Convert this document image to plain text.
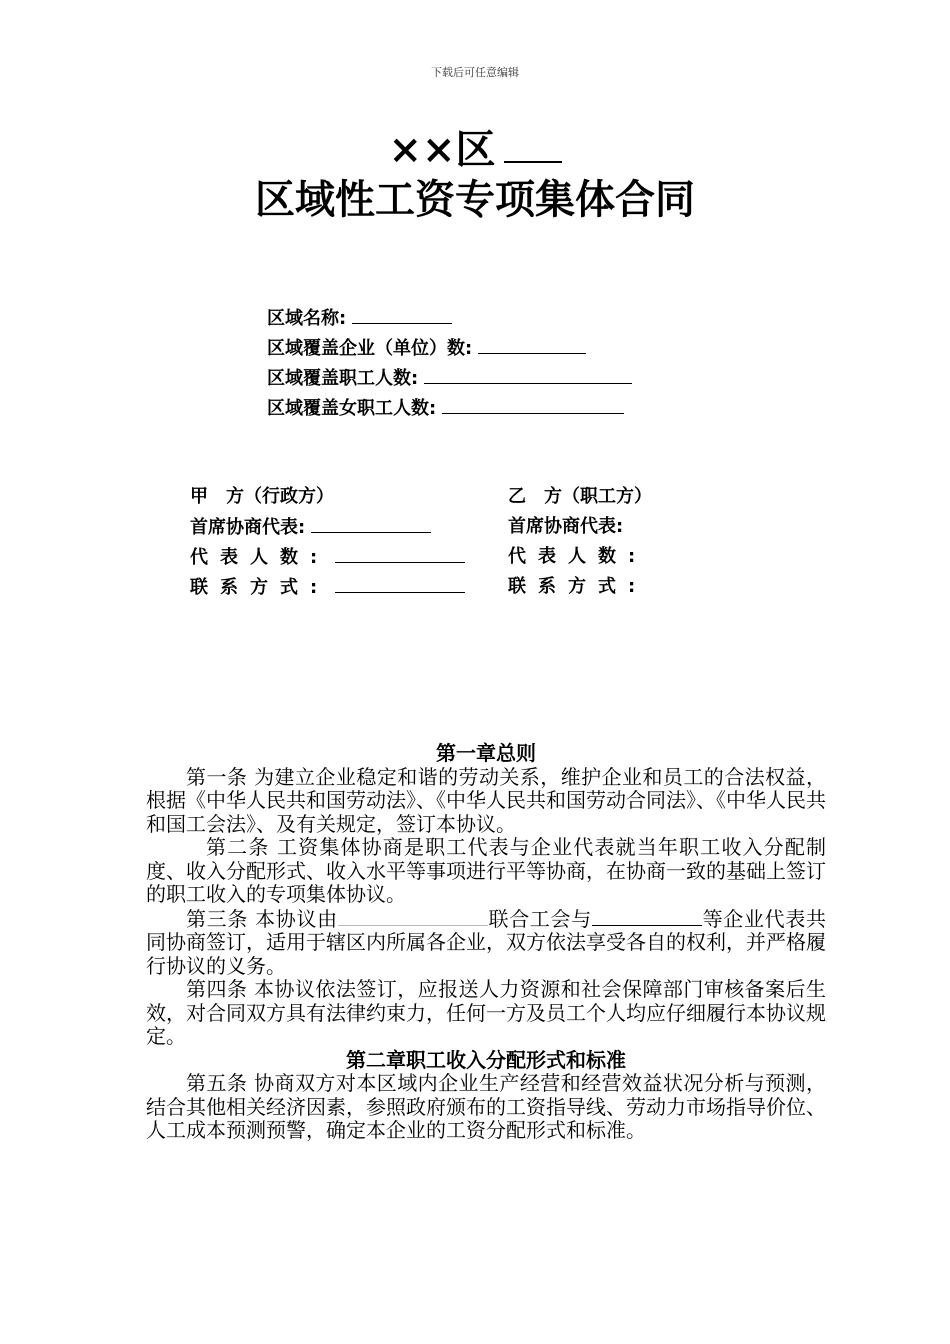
下载后可任意编辑
××区
区域性工资专项集体合同
区域名称:
区域覆盖企业（单位）数:
区域覆盖职工人数:
区域覆盖女职工人数:
甲　方（行政方）	乙　方（职工方）
首席协商代表:	首席协商代表:
代表人数:	代表人数:
联系方式:	联系方式:
第一章总则

第一条 为建立企业稳定和谐的劳动关系，维护企业和员工的合法权益，根据《中华人民共和国劳动法》、《中华人民共和国劳动合同法》、《中华人民共和国工会法》、及有关规定，签订本协议。

第二条 工资集体协商是职工代表与企业代表就当年职工收入分配制度、收入分配形式、收入水平等事项进行平等协商，在协商一致的基础上签订的职工收入的专项集体协议。

第三条 本协议由	联合工会与	等企业代表共同协商签订，适用于辖区内所属各企业，双方依法享受各自的权利，并严格履行协议的义务。

第四条 本协议依法签订，应报送人力资源和社会保障部门审核备案后生效，对合同双方具有法律约束力，任何一方及员工个人均应仔细履行本协议规定。

第二章职工收入分配形式和标准

第五条 协商双方对本区域内企业生产经营和经营效益状况分析与预测，结合其他相关经济因素，参照政府颁布的工资指导线、劳动力市场指导价位、人工成本预测预警，确定本企业的工资分配形式和标准。
